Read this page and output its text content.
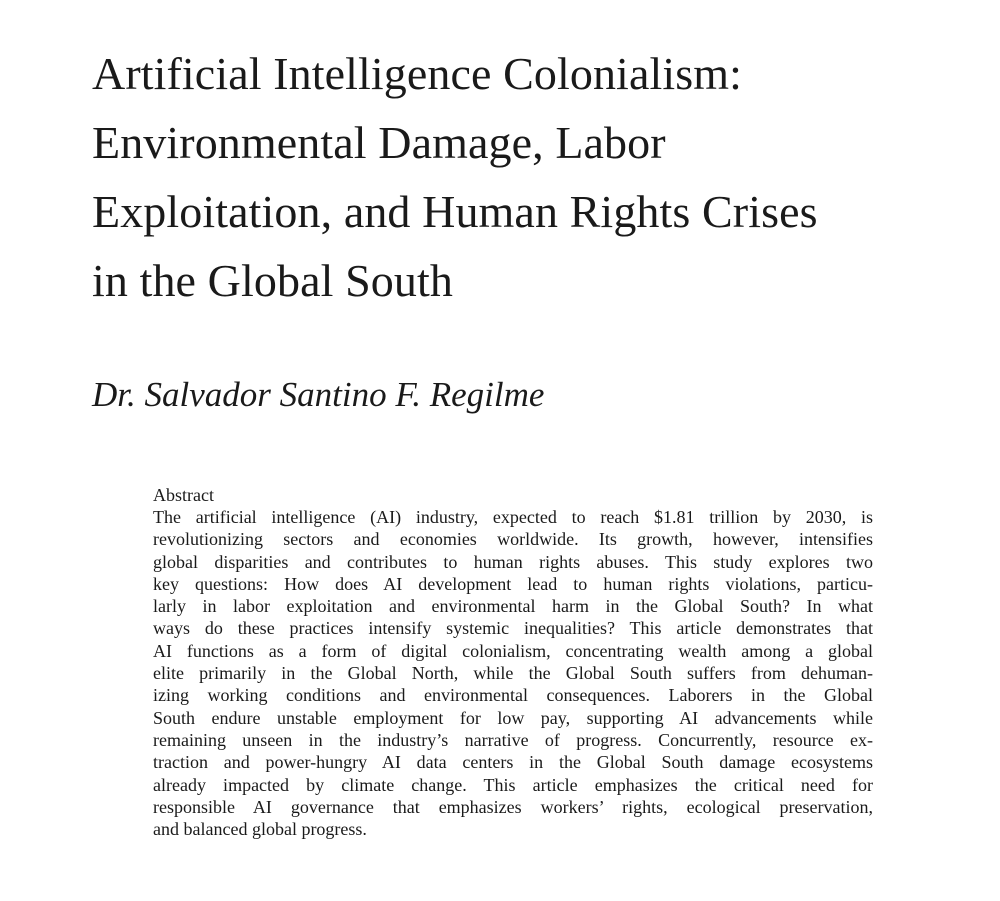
Artificial Intelligence Colonialism:
Environmental Damage, Labor
Exploitation, and Human Rights Crises
in the Global South
Dr. Salvador Santino F. Regilme
Abstract
The artificial intelligence (AI) industry, expected to reach $1.81 trillion by 2030, is
revolutionizing sectors and economies worldwide. Its growth, however, intensifies
global disparities and contributes to human rights abuses. This study explores two
key questions: How does AI development lead to human rights violations, particu-
larly in labor exploitation and environmental harm in the Global South? In what
ways do these practices intensify systemic inequalities? This article demonstrates that
AI functions as a form of digital colonialism, concentrating wealth among a global
elite primarily in the Global North, while the Global South suffers from dehuman-
izing working conditions and environmental consequences. Laborers in the Global
South endure unstable employment for low pay, supporting AI advancements while
remaining unseen in the industry’s narrative of progress. Concurrently, resource ex-
traction and power-hungry AI data centers in the Global South damage ecosystems
already impacted by climate change. This article emphasizes the critical need for
responsible AI governance that emphasizes workers’ rights, ecological preservation,
and balanced global progress.
